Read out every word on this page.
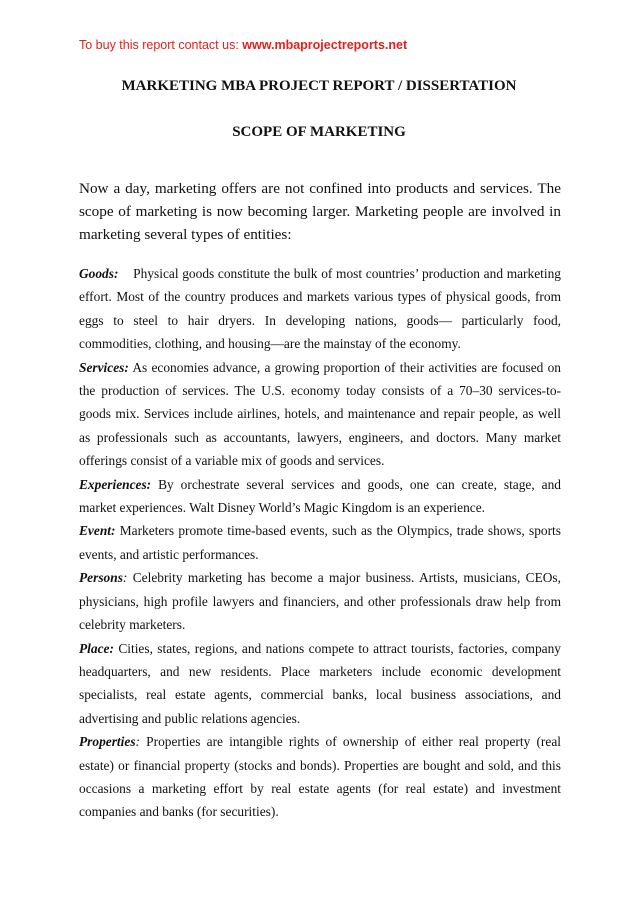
To buy this report contact us: www.mbaprojectreports.net
MARKETING MBA PROJECT REPORT / DISSERTATION
SCOPE OF MARKETING

Now a day, marketing offers are not confined into products and services. The scope of marketing is now becoming larger. Marketing people are involved in marketing several types of entities:

Goods: Physical goods constitute the bulk of most countries’ production and marketing effort. Most of the country produces and markets various types of physical goods, from eggs to steel to hair dryers. In developing nations, goods— particularly food, commodities, clothing, and housing—are the mainstay of the economy.

Services: As economies advance, a growing proportion of their activities are focused on the production of services. The U.S. economy today consists of a 70–30 services-to-goods mix. Services include airlines, hotels, and maintenance and repair people, as well as professionals such as accountants, lawyers, engineers, and doctors. Many market offerings consist of a variable mix of goods and services.

Experiences: By orchestrate several services and goods, one can create, stage, and market experiences. Walt Disney World’s Magic Kingdom is an experience.

Event: Marketers promote time-based events, such as the Olympics, trade shows, sports events, and artistic performances.

Persons: Celebrity marketing has become a major business. Artists, musicians, CEOs, physicians, high profile lawyers and financiers, and other professionals draw help from celebrity marketers.

Place: Cities, states, regions, and nations compete to attract tourists, factories, company headquarters, and new residents. Place marketers include economic development specialists, real estate agents, commercial banks, local business associations, and advertising and public relations agencies.

Properties: Properties are intangible rights of ownership of either real property (real estate) or financial property (stocks and bonds). Properties are bought and sold, and this occasions a marketing effort by real estate agents (for real estate) and investment companies and banks (for securities).
